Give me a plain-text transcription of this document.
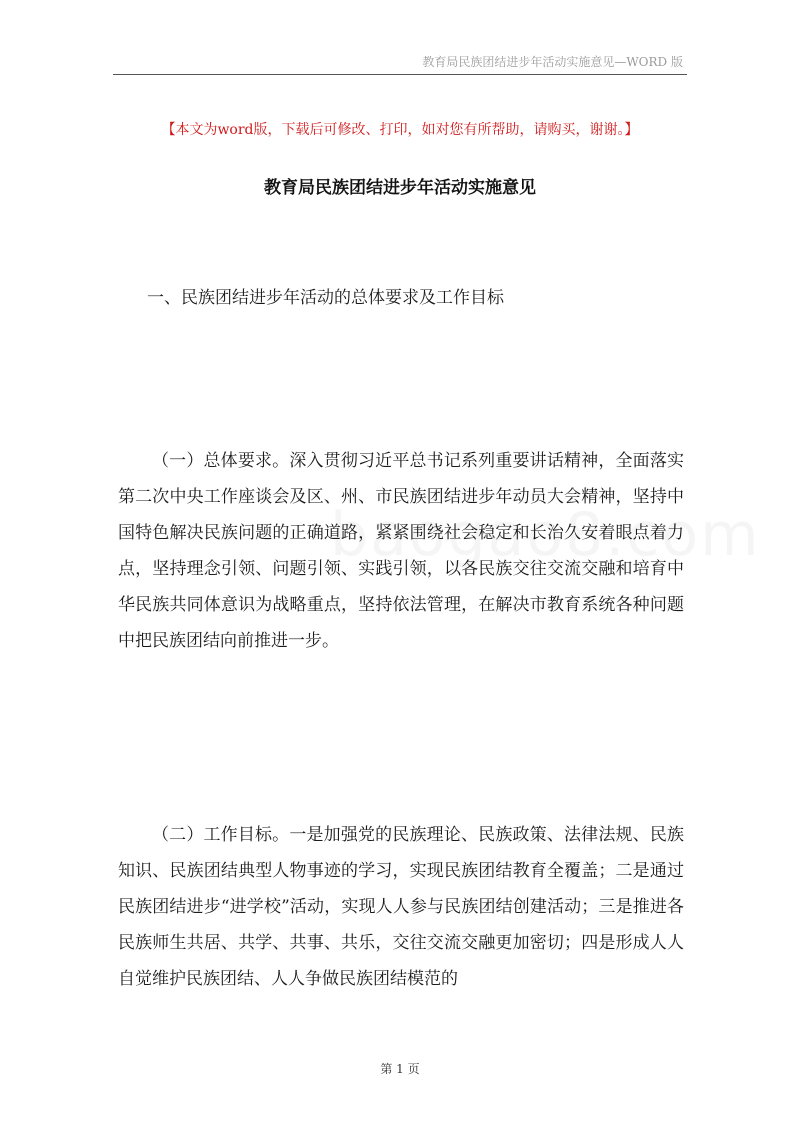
教育局民族团结进步年活动实施意见—WORD 版
【本文为word版，下载后可修改、打印，如对您有所帮助，请购买，谢谢。】
教育局民族团结进步年活动实施意见
一、民族团结进步年活动的总体要求及工作目标

（一）总体要求。深入贯彻习近平总书记系列重要讲话精神，全面落实第二次中央工作座谈会及区、州、市民族团结进步年动员大会精神，坚持中国特色解决民族问题的正确道路，紧紧围绕社会稳定和长治久安着眼点着力点，坚持理念引领、问题引领、实践引领，以各民族交往交流交融和培育中华民族共同体意识为战略重点，坚持依法管理，在解决市教育系统各种问题中把民族团结向前推进一步。

（二）工作目标。一是加强党的民族理论、民族政策、法律法规、民族知识、民族团结典型人物事迹的学习，实现民族团结教育全覆盖；二是通过民族团结进步“进学校”活动，实现人人参与民族团结创建活动；三是推进各民族师生共居、共学、共事、共乐，交往交流交融更加密切；四是形成人人自觉维护民族团结、人人争做民族团结模范的

第 1 页
